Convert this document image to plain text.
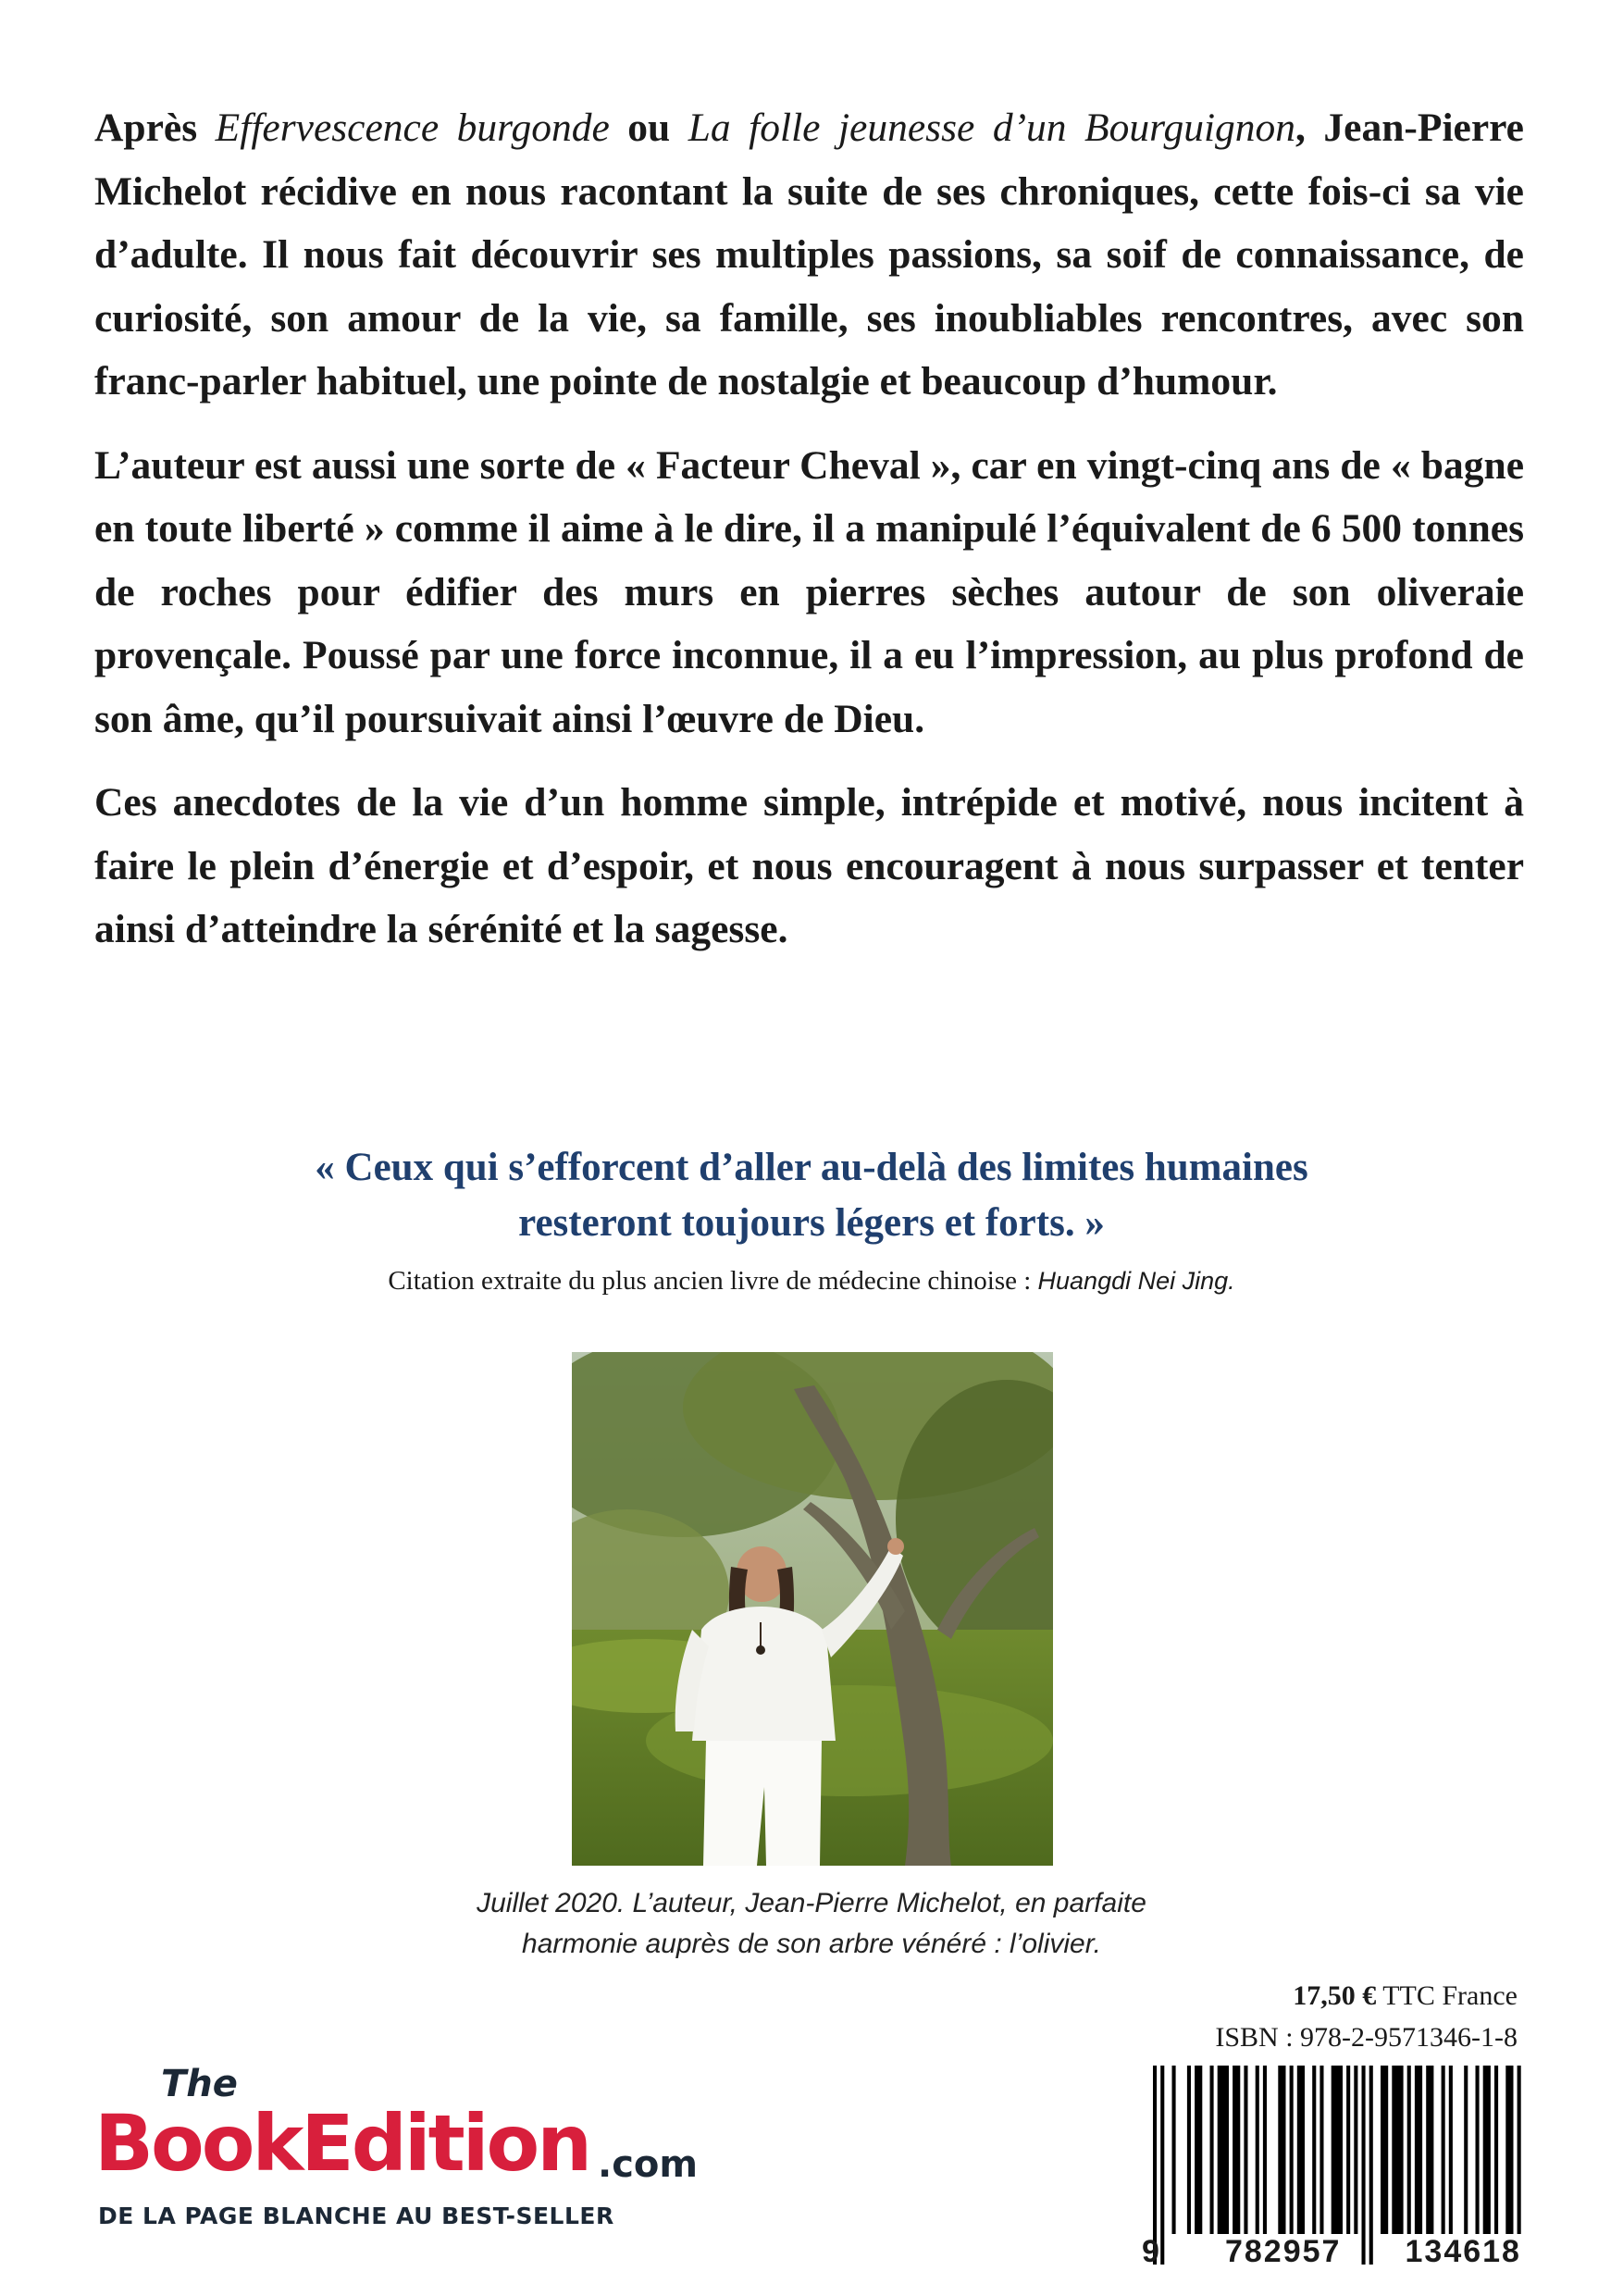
Après Effervescence burgonde ou La folle jeunesse d’un Bourguignon, Jean-Pierre Michelot récidive en nous racontant la suite de ses chroniques, cette fois-ci sa vie d’adulte. Il nous fait découvrir ses multiples passions, sa soif de connaissance, de curiosité, son amour de la vie, sa famille, ses inoubliables rencontres, avec son franc-parler habituel, une pointe de nostalgie et beaucoup d’humour.

L’auteur est aussi une sorte de « Facteur Cheval », car en vingt-cinq ans de « bagne en toute liberté » comme il aime à le dire, il a manipulé l’équivalent de 6 500 tonnes de roches pour édifier des murs en pierres sèches autour de son oliveraie provençale. Poussé par une force inconnue, il a eu l’impression, au plus profond de son âme, qu’il poursuivait ainsi l’œuvre de Dieu.

Ces anecdotes de la vie d’un homme simple, intrépide et motivé, nous incitent à faire le plein d’énergie et d’espoir, et nous encouragent à nous surpasser et tenter ainsi d’atteindre la sérénité et la sagesse.

« Ceux qui s’efforcent d’aller au-delà des limites humaines
resteront toujours légers et forts. »
Citation extraite du plus ancien livre de médecine chinoise : Huangdi Nei Jing.
Juillet 2020. L’auteur, Jean-Pierre Michelot, en parfaite
harmonie auprès de son arbre vénéré : l’olivier.
17,50 € TTC France
ISBN : 978-2-9571346-1-8
9 782957 134618
The
BookEdition .com
DE LA PAGE BLANCHE AU BEST-SELLER
